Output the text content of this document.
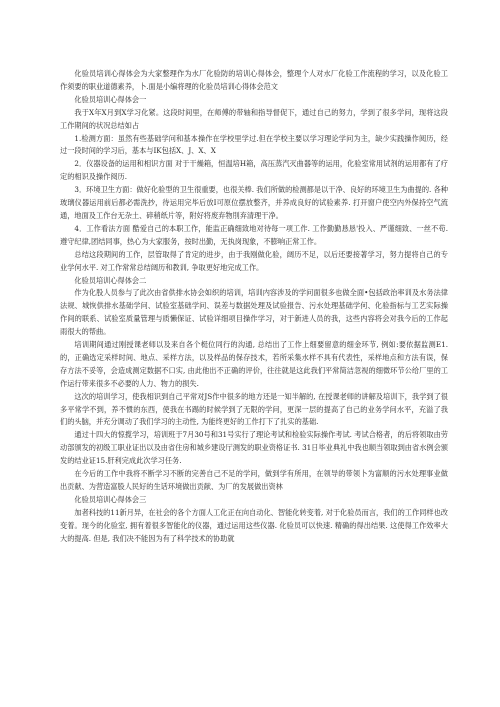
化验员培训心得体会为大家整理作为水厂化验防的培训心得体会，整理个人对水厂化验工作流程的学习，以及化验工作须要的职业道德素养，卜.面是小编将理的化验员培训心得体会范文

化验员培训心得体会一

我于X年X月到X学习化紧。这段时间里，在师傅的带轴和指导督促下，通过自己的努力，学到了很多学问，现将这段工作期间的状况总结如占

1.检测方面：虽然有些基础学问和基本操作在学校里学过.但在学校主要以学习理论学问为主，缺少实践操作阅历，经过一段时间的学习后，基本与IK包括X、J、X、X

2．仪器设备的运用和相识方面 对于干燥箱，恒温培H箱，高压蒸汽灭曲器等的运用，化验室常用试剂的运用都有了疗定的相识及操作阅历.

3．环境卫生方面：做好化验型的卫生很重要，也很关棒. 我们所做的检测都是以干净、良好的环境卫生为曲提的. 各种玻璃仪器运用前后都必需洗抄，待运用完毕后放I可原位摆放整齐，并养成良好的试验素养. 打开窗户使空内外保持空气流通，地面及工作台无杂土、碎稍纸片等，附好将废弃物刖弃清理干净。

4．工作看法方面 酷爱自己的本职工作，能监正确细致地对待每一项工作. 工作勤勤恳恳'投入、严谨细致、一丝不苟. 遵守纪律,团结同事，热心为大家服务，按时出勤，无执岗现象，不膨响正常工作。

总结这段期间的工作，层管取得了肯定的进步，由于我刚做化验，阔历不足，以后还要接著学习，努力提将自己的专业学何水平. 对工作常常总结阔历和教训, 争取更好地完成工作。

化验员培训心得体会二

作为化股人员参与了此次由省供排水协会如织的培训，培训内容涉及的学问面很多也做全面•包括政治率训及水务法律法规、城恢供排水基础学问、试验室基础学问、误差与数据处理及试验报告、污水处理基础学何、化验指标与工艺实际操作间的联系、试验室质量管理与质懒保证、试验详细项目操作学习，对于新进人员的我，这些内容将会对我今后的工作起雨很大的帮曲。

培训期间通过刚授课老师以及来自各个梃位同行的沟通, 总结出了工作上细要留意的细金环节, 例如:要依据监测E1.的，正确选定采样时间、地点、采样方法，以及样品的保存技术，若所采集水样不具有代表性，采样地点和方法有误，保存方法不妥等，会造成测定数据不口实, 由此他出不正确的评价，往往就是这此我们平常简洁忽视的细微环节公给厂里的工作运行带来很多不必要的人力、物力的损失.

这次的培训学习，使我相识到自己平常对JS作中很多的地方还是一知半解的, 在授课老师的讲解及培训下，我学到了很多平常学不到，养不惯的东西，使我在书踢的时候学到了无限的学问，更深一层的提高了自己的业务学问水平，充溢了我们的头脑，并充分调动了我们学习的主动性, 为能终更好的工作打下了扎实的基础.

通过十四大的惊揽学习，培训班于7月30号和31号实行了理论考试和检验实际操作考试. 考试合格者，的后将领取由劳动部颁发的初级工职业证出以及由省住房和城乡建设厅测发的职业资格证书. 31日毕业典礼中我也顺当领取到由省水例会颁发的结业证15.肝利完成此次学习任务.

在今后的工作中我将不断学习不断的完善自己不足的学问，做到学有所用，在领导的带领卜为富顺的污水处理事业做出贡献、为营造富股人民好的生话环境做出贡献、为厂的发展做出资林

化验员培训心得体会三

加者科技的11新月异，在社会的各个方面人工化正在向自动化、智能化转变着, 对于化验员而言，我们的工作同样也改变着。现今的化验室, 拥有着很多智能化的仪器，通过运用这些仪器. 化验员可以快速. 精确的得出结果. 这使得工作效率大大的提高. 但是, 我们决不能因为有了科学技术的协助就
